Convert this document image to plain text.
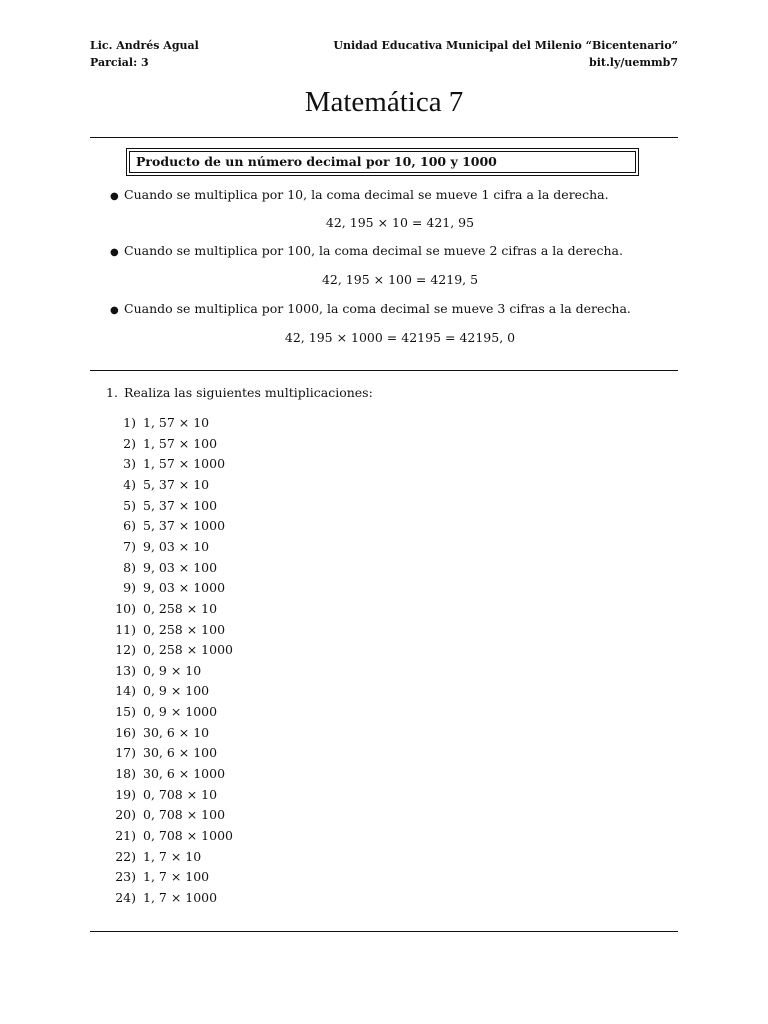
Lic. Andrés Agual
Parcial: 3
Unidad Educativa Municipal del Milenio “Bicentenario”
bit.ly/uemmb7
Matemática 7
Producto de un número decimal por 10, 100 y 1000
● Cuando se multiplica por 10, la coma decimal se mueve 1 cifra a la derecha.
42, 195 × 10 = 421, 95
● Cuando se multiplica por 100, la coma decimal se mueve 2 cifras a la derecha.
42, 195 × 100 = 4219, 5
● Cuando se multiplica por 1000, la coma decimal se mueve 3 cifras a la derecha.
42, 195 × 1000 = 42195 = 42195, 0
1. Realiza las siguientes multiplicaciones:
1) 1, 57 × 10
2) 1, 57 × 100
3) 1, 57 × 1000
4) 5, 37 × 10
5) 5, 37 × 100
6) 5, 37 × 1000
7) 9, 03 × 10
8) 9, 03 × 100
9) 9, 03 × 1000
10) 0, 258 × 10
11) 0, 258 × 100
12) 0, 258 × 1000
13) 0, 9 × 10
14) 0, 9 × 100
15) 0, 9 × 1000
16) 30, 6 × 10
17) 30, 6 × 100
18) 30, 6 × 1000
19) 0, 708 × 10
20) 0, 708 × 100
21) 0, 708 × 1000
22) 1, 7 × 10
23) 1, 7 × 100
24) 1, 7 × 1000
